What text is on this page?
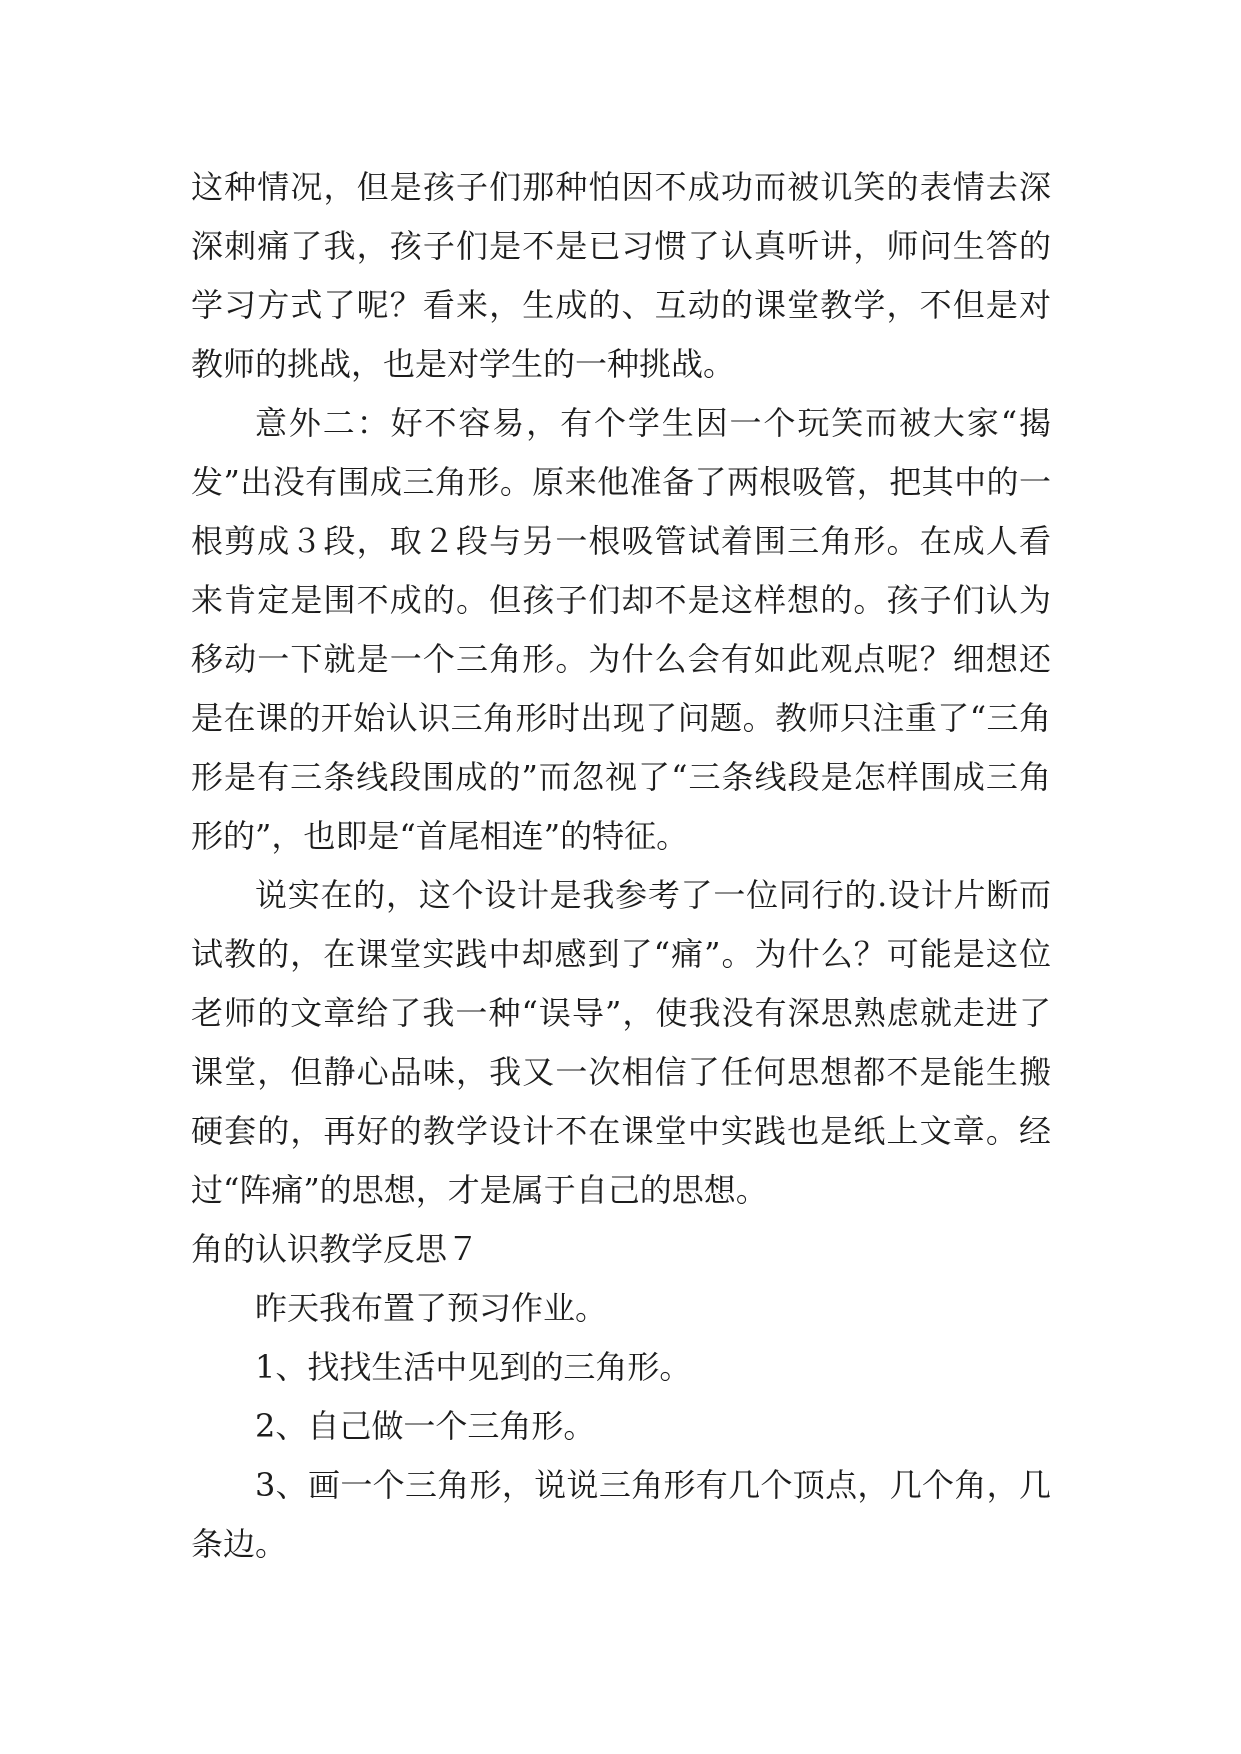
这种情况，但是孩子们那种怕因不成功而被讥笑的表情去深深刺痛了我，孩子们是不是已习惯了认真听讲，师问生答的学习方式了呢？看来，生成的、互动的课堂教学，不但是对教师的挑战，也是对学生的一种挑战。

意外二：好不容易，有个学生因一个玩笑而被大家“揭发”出没有围成三角形。原来他准备了两根吸管，把其中的一根剪成３段，取２段与另一根吸管试着围三角形。在成人看来肯定是围不成的。但孩子们却不是这样想的。孩子们认为移动一下就是一个三角形。为什么会有如此观点呢？细想还是在课的开始认识三角形时出现了问题。教师只注重了“三角形是有三条线段围成的”而忽视了“三条线段是怎样围成三角形的”，也即是“首尾相连”的特征。

说实在的，这个设计是我参考了一位同行的.设计片断而试教的，在课堂实践中却感到了“痛”。为什么？可能是这位老师的文章给了我一种“误导”，使我没有深思熟虑就走进了课堂，但静心品味，我又一次相信了任何思想都不是能生搬硬套的，再好的教学设计不在课堂中实践也是纸上文章。经过“阵痛”的思想，才是属于自己的思想。

角的认识教学反思７

昨天我布置了预习作业。

1、找找生活中见到的三角形。

2、自己做一个三角形。

3、画一个三角形，说说三角形有几个顶点，几个角，几条边。
